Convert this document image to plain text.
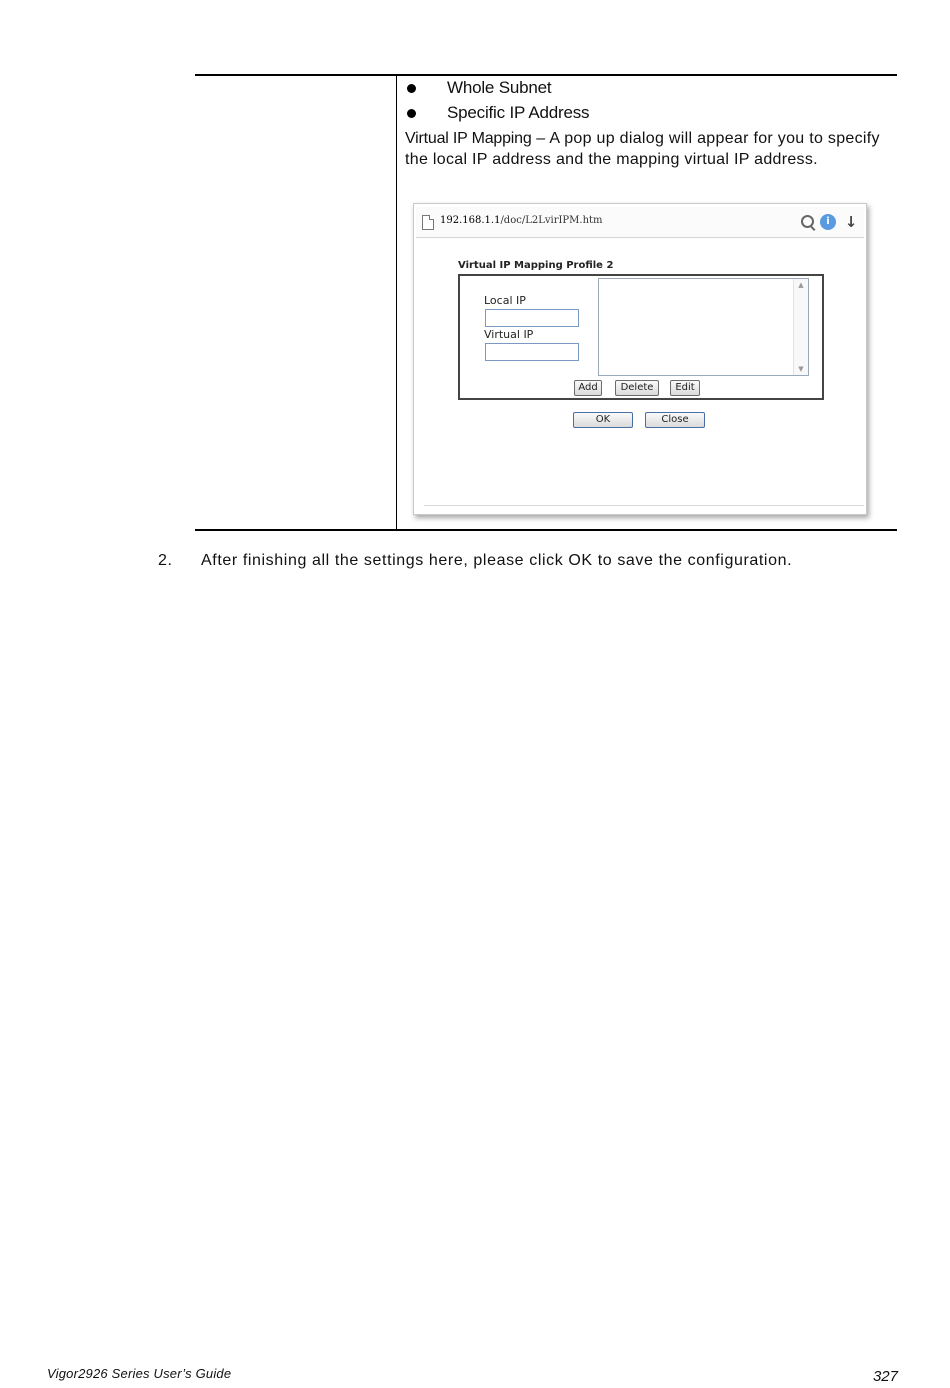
Whole Subnet
Specific IP Address
Virtual IP Mapping – A pop up dialog will appear for you to specify the local IP address and the mapping virtual IP address.
192.168.1.1/doc/L2LvirIPM.htm	i ↓
Virtual IP Mapping Profile 2
Local IP
Virtual IP
▲
▼
Add	Delete	Edit
OK	Close
2. After finishing all the settings here, please click OK to save the configuration.
Vigor2926 Series User’s Guide	327
